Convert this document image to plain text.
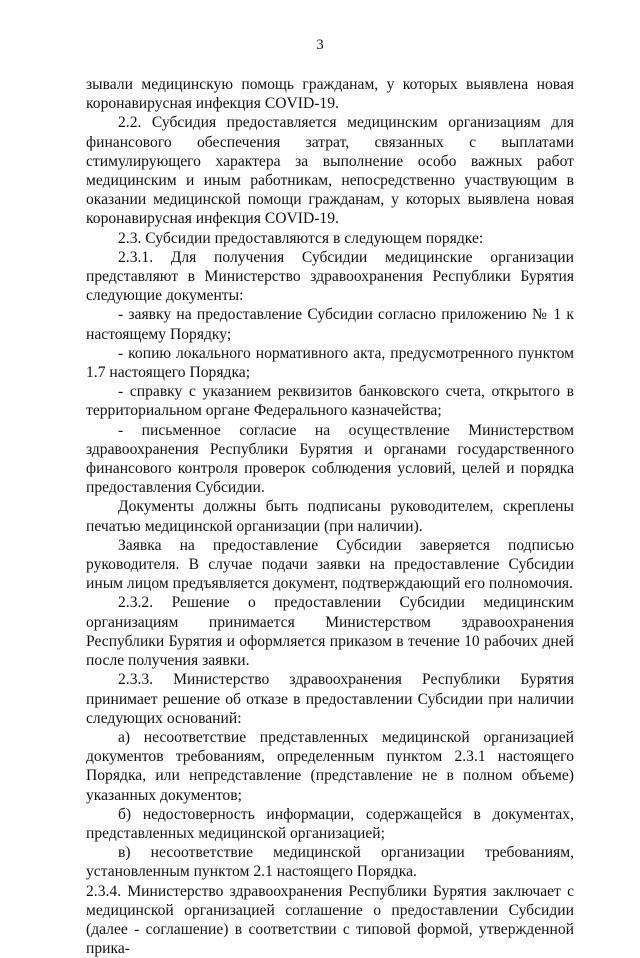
3

зывали медицинскую помощь гражданам, у которых выявлена новая коронавирусная инфекция COVID-19.

2.2. Субсидия предоставляется медицинским организациям для финансового обеспечения затрат, связанных с выплатами стимулирующего характера за выполнение особо важных работ медицинским и иным работникам, непосредственно участвующим в оказании медицинской помощи гражданам, у которых выявлена новая коронавирусная инфекция COVID-19.

2.3. Субсидии предоставляются в следующем порядке:

2.3.1. Для получения Субсидии медицинские организации представляют в Министерство здравоохранения Республики Бурятия следующие документы:

- заявку на предоставление Субсидии согласно приложению № 1 к настоящему Порядку;

- копию локального нормативного акта, предусмотренного пунктом 1.7 настоящего Порядка;

- справку с указанием реквизитов банковского счета, открытого в территориальном органе Федерального казначейства;

- письменное согласие на осуществление Министерством здравоохранения Республики Бурятия и органами государственного финансового контроля проверок соблюдения условий, целей и порядка предоставления Субсидии.

Документы должны быть подписаны руководителем, скреплены печатью медицинской организации (при наличии).

Заявка на предоставление Субсидии заверяется подписью руководителя. В случае подачи заявки на предоставление Субсидии иным лицом предъявляется документ, подтверждающий его полномочия.

2.3.2. Решение о предоставлении Субсидии медицинским организациям принимается Министерством здравоохранения Республики Бурятия и оформляется приказом в течение 10 рабочих дней после получения заявки.

2.3.3. Министерство здравоохранения Республики Бурятия принимает решение об отказе в предоставлении Субсидии при наличии следующих оснований:

а) несоответствие представленных медицинской организацией документов требованиям, определенным пунктом 2.3.1 настоящего Порядка, или непредставление (представление не в полном объеме) указанных документов;

б) недостоверность информации, содержащейся в документах, представленных медицинской организацией;

в) несоответствие медицинской организации требованиям, установленным пунктом 2.1 настоящего Порядка.

2.3.4. Министерство здравоохранения Республики Бурятия заключает с медицинской организацией соглашение о предоставлении Субсидии (далее - соглашение) в соответствии с типовой формой, утвержденной прика-
